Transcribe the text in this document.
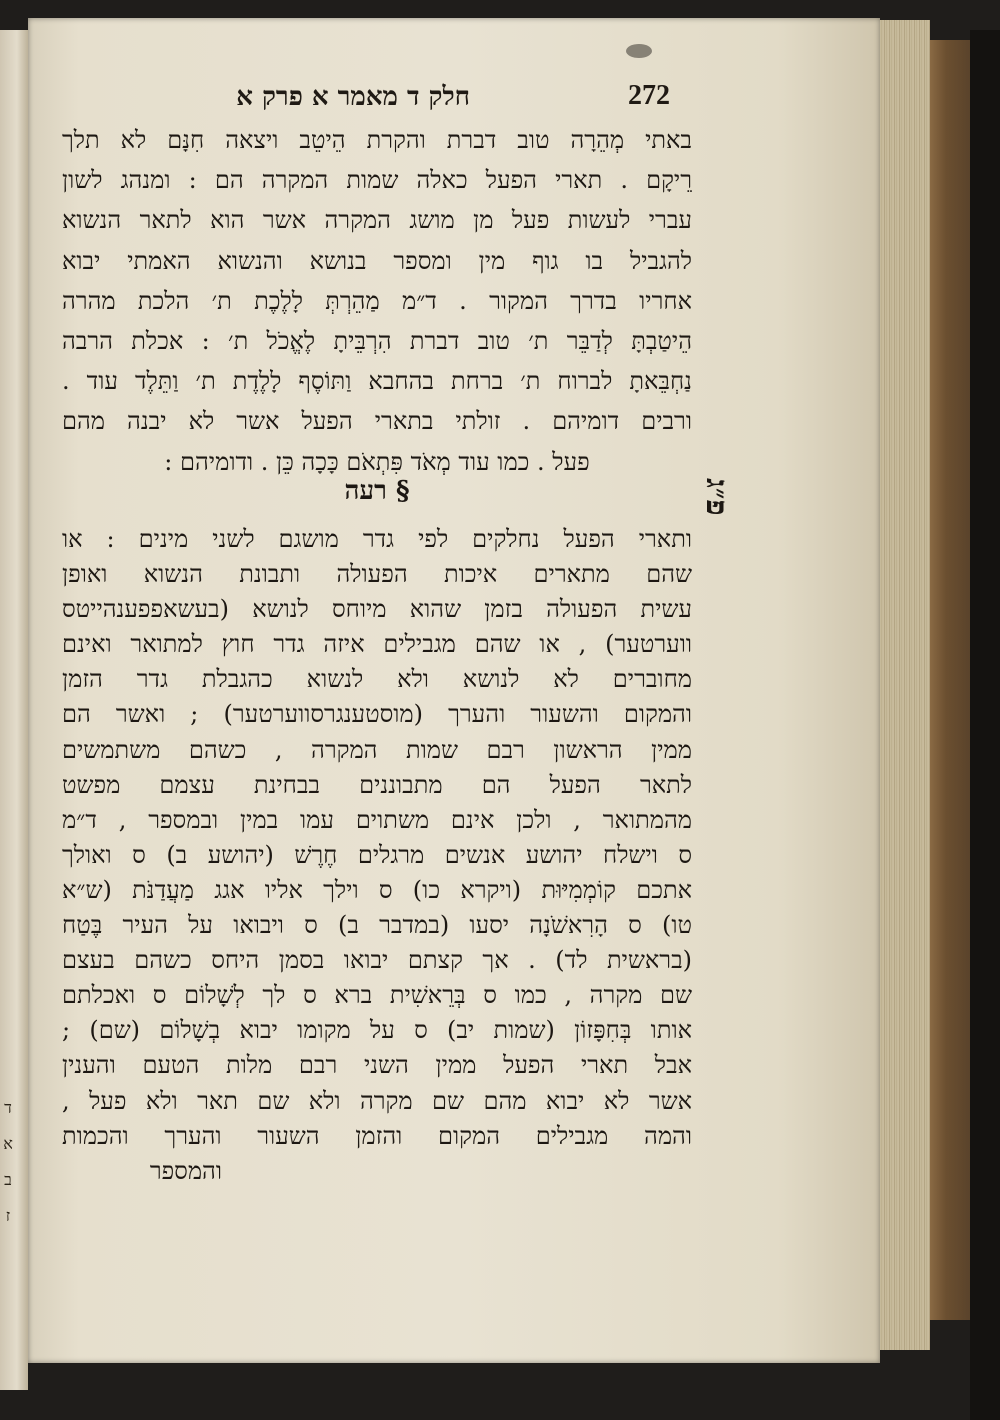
ד
א
ב
ז
272
חלק ד מאמר א פרק א
באתי מְהֵרָה טוב דברת והקרת הֵיטֵב ויצאה חִנָּם לא תלך
רֵיקָם . תארי הפעל כאלה שמות המקרה הם : ומנהג לשון
עברי לעשות פעל מן מושג המקרה אשר הוא לתאר הנשוא
להגביל בו גוף מין ומספר בנושא והנשוא האמתי יבוא
אחריו בדרך המקור . ד״מ מַהֵרְתְּ לָלֶכֶת ת׳ הלכת מהרה
הֵיטַבְתָּ לְדַבֵּר ת׳ טוב דברת הִרְבֵּיתָ לֶאֱכֹל ת׳ : אכלת הרבה
נַחְבֵּאתָ לברוח ת׳ ברחת בהחבא וַתּוֹסֶף לָלֶדֶת ת׳ וַתֵּלֶד עוד .
ורבים דומיהם . זולתי בתארי הפעל אשר לא יבנה מהם
פעל . כמו עוד מְאֹד פִּתְאֹם כָּכָה כֵּן . ודומיהם :
§ רעה	פ״ג
ותארי הפעל נחלקים לפי גדר מושגם לשני מינים : או
שהם מתארים איכות הפעולה ותבונת הנשוא ואופן
עשית הפעולה בזמן שהוא מיוחס לנושא (בעשאפפענהייטס
ווערטער) , או שהם מגבילים איזה גדר חוץ למתואר ואינם
מחוברים לא לנושא ולא לנשוא כהגבלת גדר הזמן
והמקום והשעור והערך (מוסטענגרסווערטער) ; ואשר הם
ממין הראשון רבם שמות המקרה , כשהם משתמשים
לתאר הפעל הם מתבוננים בבחינת עצמם מפשט
מהמתואר , ולכן אינם משתוים עמו במין ובמספר , ד״מ
ס וישלח יהושע אנשים מרגלים חֶרֶשׁ (יהושע ב) ס ואולך
אתכם קוֹמְמִיּוּת (ויקרא כו) ס וילך אליו אגג מַעֲדַנֹּת (ש״א
טו) ס הָרִאשֹׁנָה יסעו (במדבר ב) ס ויבואו על העיר בֶּטַח
(בראשית לד) . אך קצתם יבואו בסמן היחס כשהם בעצם
שם מקרה , כמו ס בְּרֵאשִׁית ברא ס לך לְשָׁלוֹם ס ואכלתם
אותו בְּחִפָּזוֹן (שמות יב) ס על מקומו יבוא בְשָׁלוֹם (שם) ;
אבל תארי הפעל ממין השני רבם מלות הטעם והענין
אשר לא יבוא מהם שם מקרה ולא שם תאר ולא פעל ,
והמה מגבילים המקום והזמן השעור והערך והכמות
והמספר
